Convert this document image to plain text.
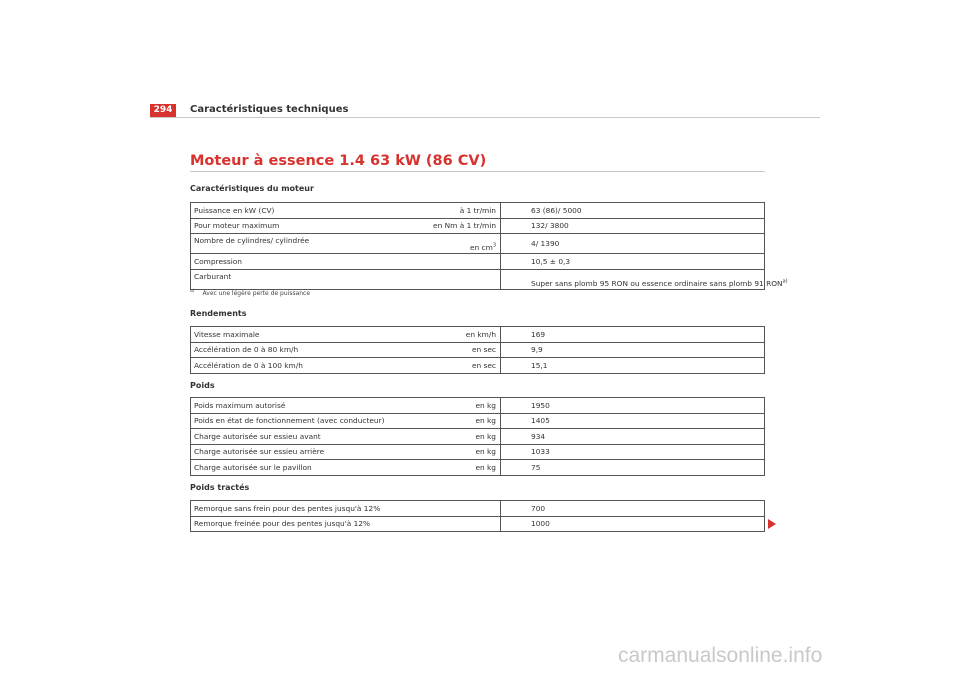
294	Caractéristiques techniques
Moteur à essence 1.4 63 kW (86 CV)
Caractéristiques du moteur
Puissance en kW (CV)	à 1 tr/min	63 (86)/ 5000
Pour moteur maximum	en Nm à 1 tr/min	132/ 3800
Nombre de cylindres/ cylindrée	en $cm^3$	4/ 1390
Compression		10,5 ± 0,3
Carburant		Super sans plomb 95 RON ou essence ordinaire sans plomb 91 RON$^{a)}$
$^{a)}$ Avec une légère perte de puissance
Rendements
Vitesse maximale	en km/h	169
Accélération de 0 à 80 km/h	en sec	9,9
Accélération de 0 à 100 km/h	en sec	15,1
Poids
Poids maximum autorisé	en kg	1950
Poids en état de fonctionnement (avec conducteur)	en kg	1405
Charge autorisée sur essieu avant	en kg	934
Charge autorisée sur essieu arrière	en kg	1033
Charge autorisée sur le pavillon	en kg	75
Poids tractés
Remorque sans frein pour des pentes jusqu'à 12%		700
Remorque freinée pour des pentes jusqu'à 12%		1000
carmanualsonline.info
